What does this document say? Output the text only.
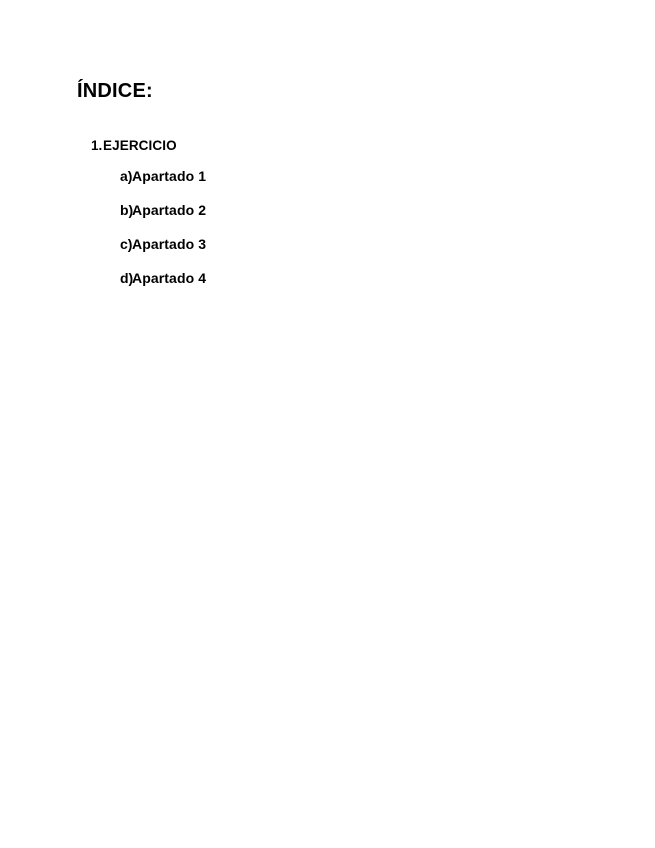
ÍNDICE:
1. EJERCICIO
a) Apartado 1
b)
Apartado 2
c) Apartado 3
d)
Apartado 4
